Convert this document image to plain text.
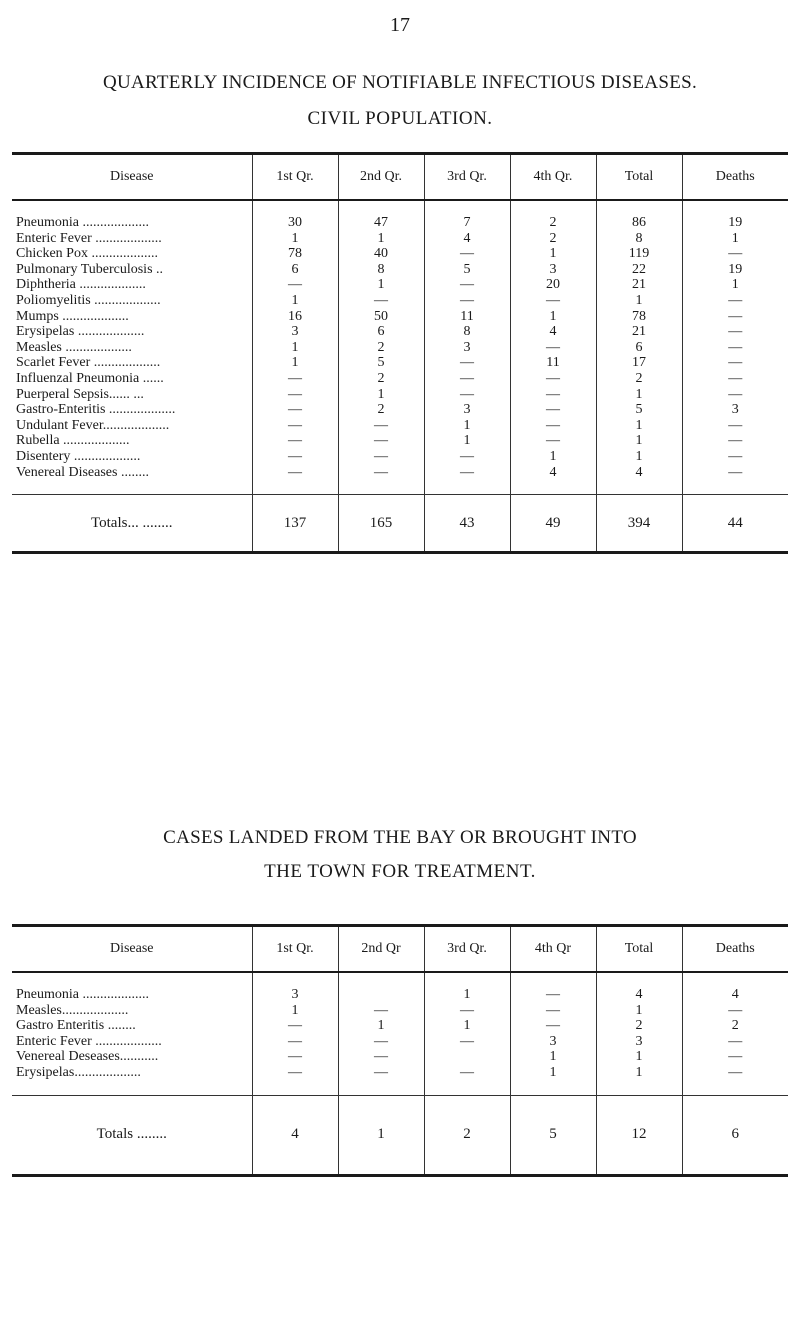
17
QUARTERLY INCIDENCE OF NOTIFIABLE INFECTIOUS DISEASES.
CIVIL POPULATION.
Disease	1st Qr.	2nd Qr.	3rd Qr.	4th Qr.	Total	Deaths

Pneumonia ...................	30	47	7	2	86	19
Enteric Fever ...................	1	1	4	2	8	1
Chicken Pox ...................	78	40	—	1	119	—
Pulmonary Tuberculosis ..	6	8	5	3	22	19
Diphtheria ...................	—	1	—	20	21	1
Poliomyelitis ...................	1	—	—	—	1	—
Mumps ...................	16	50	11	1	78	—
Erysipelas ...................	3	6	8	4	21	—
Measles ...................	1	2	3	—	6	—
Scarlet Fever ...................	1	5	—	11	17	—
Influenzal Pneumonia ......	—	2	—	—	2	—
Puerperal Sepsis...... ...	—	1	—	—	1	—
Gastro-Enteritis ...................	—	2	3	—	5	3
Undulant Fever...................	—	—	1	—	1	—
Rubella ...................	—	—	1	—	1	—
Disentery ...................	—	—	—	1	1	—
Venereal Diseases ........	—	—	—	4	4	—

Totals... ........	137	165	43	49	394	44
CASES LANDED FROM THE BAY OR BROUGHT INTO
THE TOWN FOR TREATMENT.
Disease	1st Qr.	2nd Qr	3rd Qr.	4th Qr	Total	Deaths

Pneumonia ...................	3		1	—	4	4
Measles...................	1	—	—	—	1	—
Gastro Enteritis ........	—	1	1	—	2	2
Enteric Fever ...................	—	—	—	3	3	—
Venereal Deseases...........	—	—		1	1	—
Erysipelas...................	—	—	—	1	1	—

Totals ........	4	1	2	5	12	6
